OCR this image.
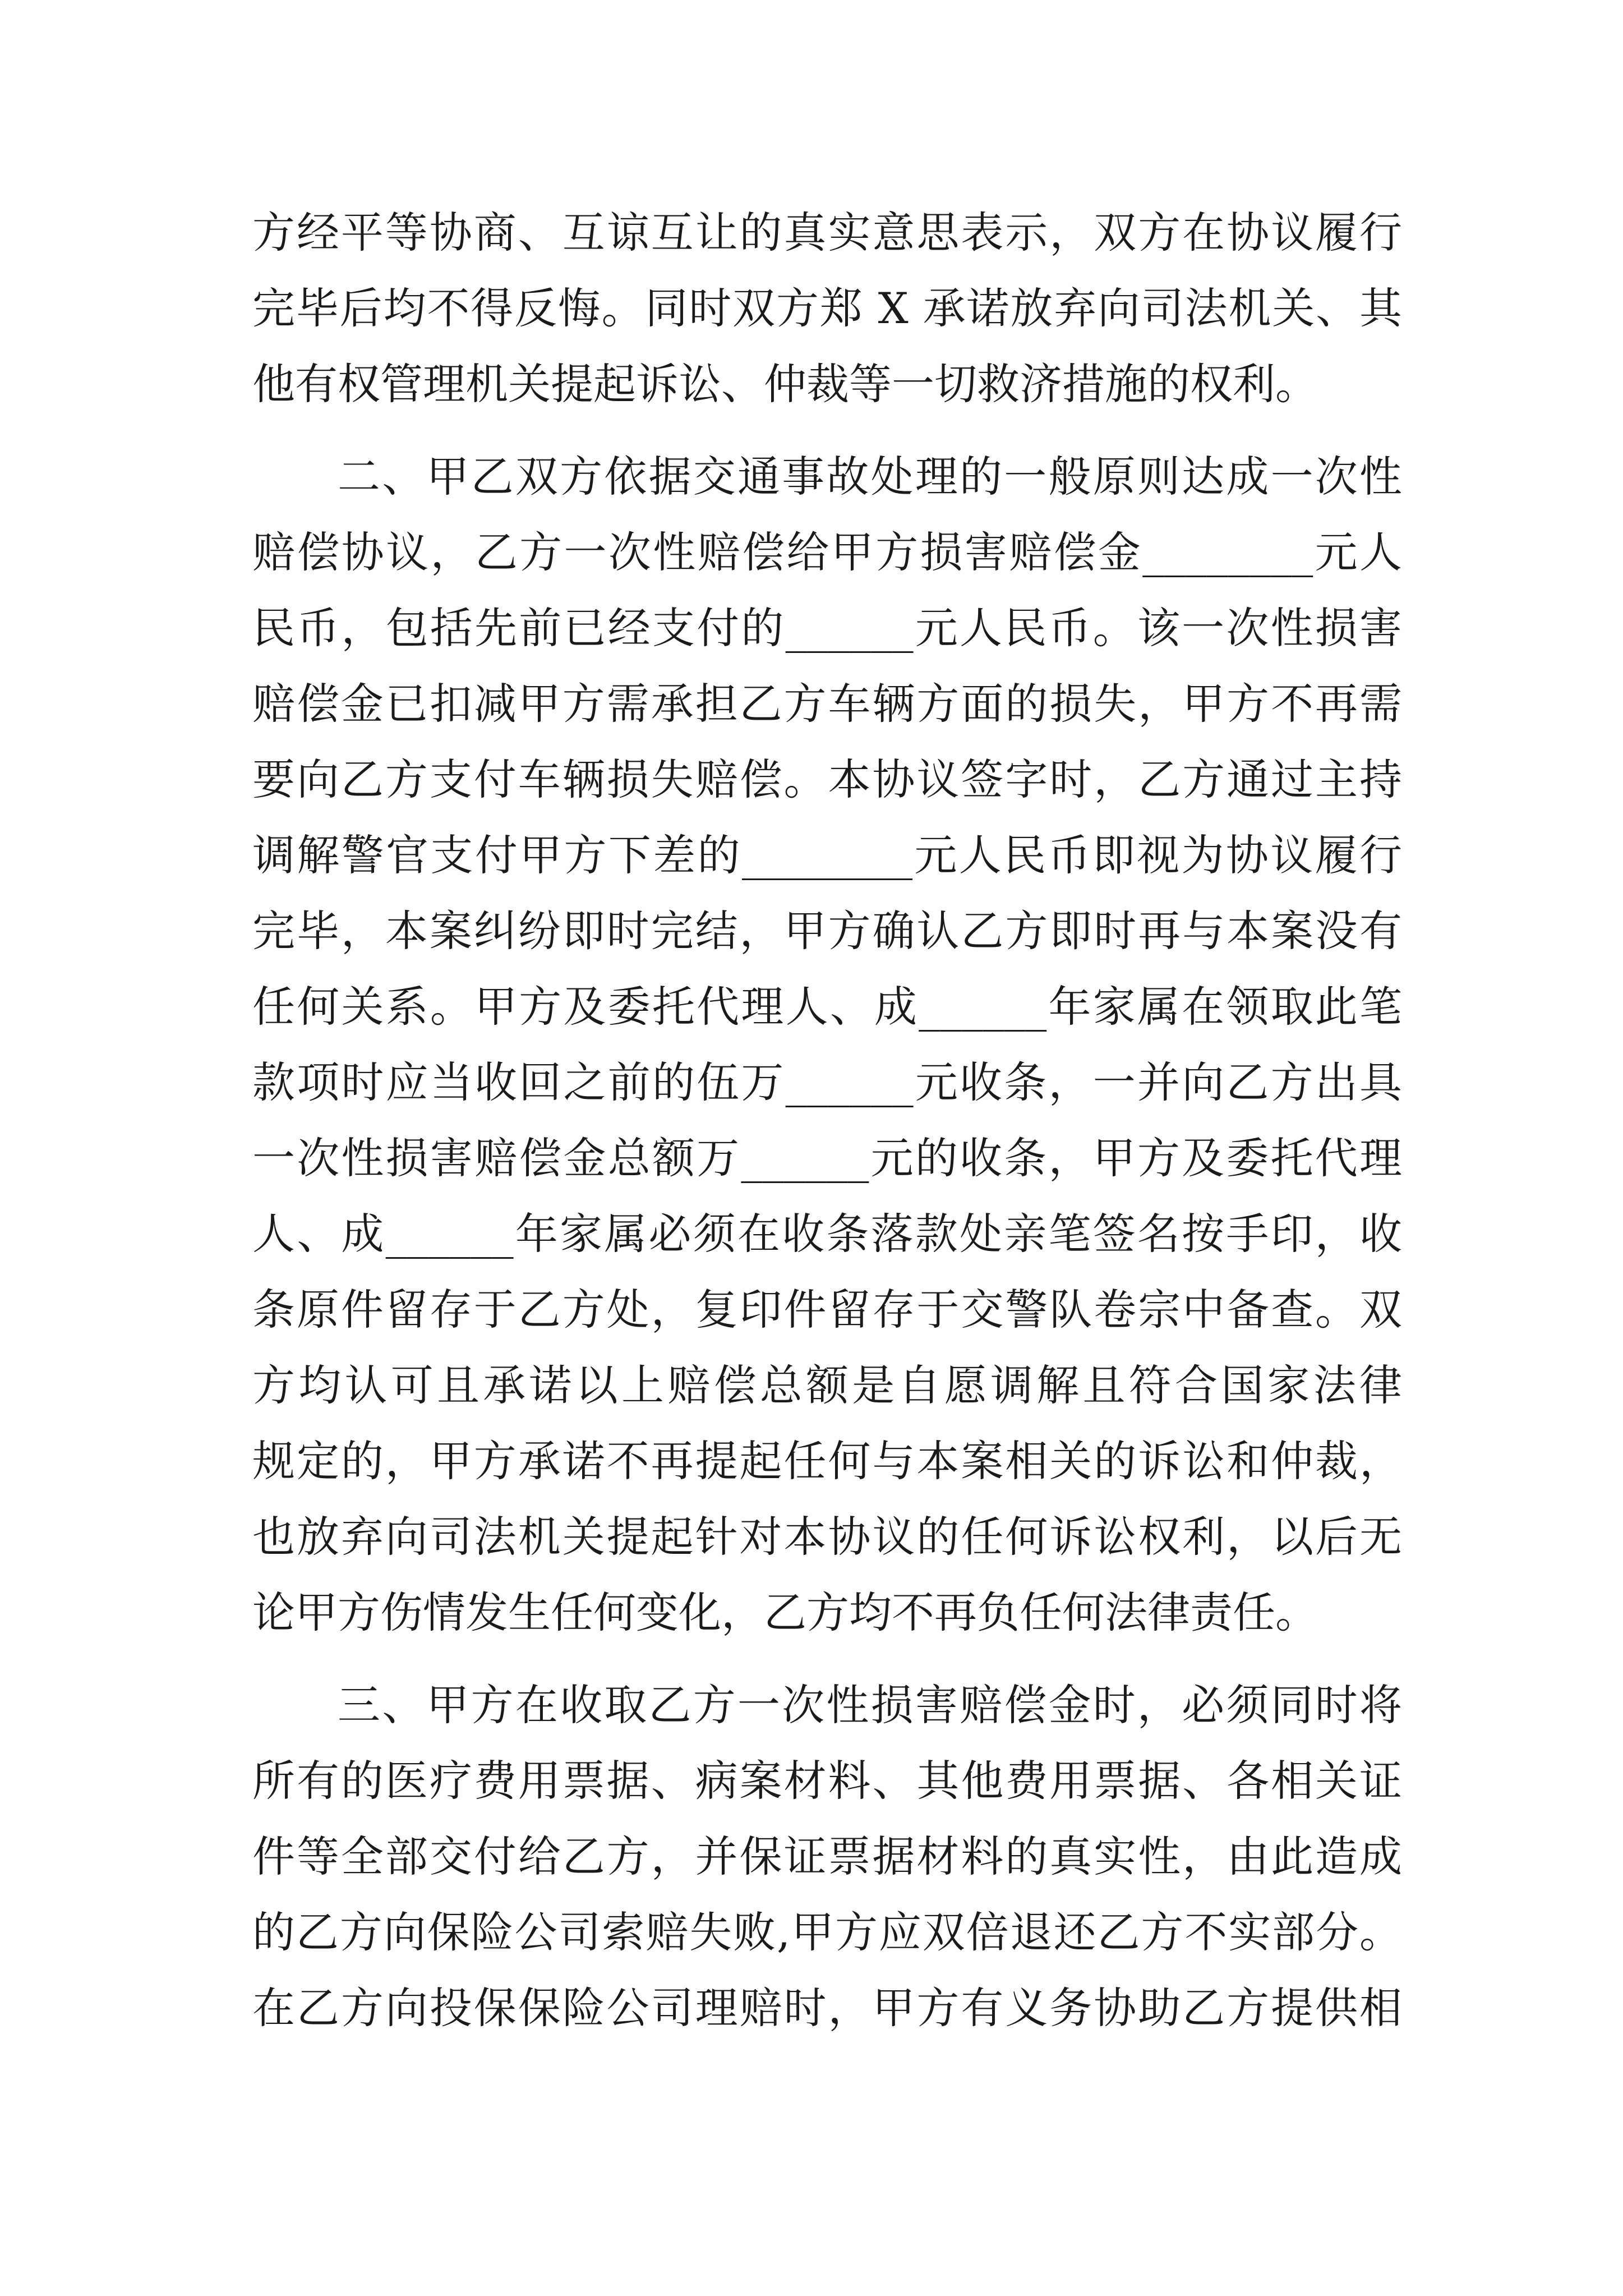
方经平等协商、互谅互让的真实意思表示，双方在协议履行
完毕后均不得反悔。同时双方郑 X 承诺放弃向司法机关、其
他有权管理机关提起诉讼、仲裁等一切救济措施的权利。
二、甲乙双方依据交通事故处理的一般原则达成一次性
赔偿协议，乙方一次性赔偿给甲方损害赔偿金________元人
民币，包括先前已经支付的______元人民币。该一次性损害
赔偿金已扣减甲方需承担乙方车辆方面的损失，甲方不再需
要向乙方支付车辆损失赔偿。本协议签字时，乙方通过主持
调解警官支付甲方下差的________元人民币即视为协议履行
完毕，本案纠纷即时完结，甲方确认乙方即时再与本案没有
任何关系。甲方及委托代理人、成______年家属在领取此笔
款项时应当收回之前的伍万______元收条，一并向乙方出具
一次性损害赔偿金总额万______元的收条，甲方及委托代理
人、成______年家属必须在收条落款处亲笔签名按手印，收
条原件留存于乙方处，复印件留存于交警队卷宗中备查。双
方均认可且承诺以上赔偿总额是自愿调解且符合国家法律
规定的，甲方承诺不再提起任何与本案相关的诉讼和仲裁，
也放弃向司法机关提起针对本协议的任何诉讼权利，以后无
论甲方伤情发生任何变化，乙方均不再负任何法律责任。
三、甲方在收取乙方一次性损害赔偿金时，必须同时将
所有的医疗费用票据、病案材料、其他费用票据、各相关证
件等全部交付给乙方，并保证票据材料的真实性，由此造成
的乙方向保险公司索赔失败,甲方应双倍退还乙方不实部分。
在乙方向投保保险公司理赔时，甲方有义务协助乙方提供相
